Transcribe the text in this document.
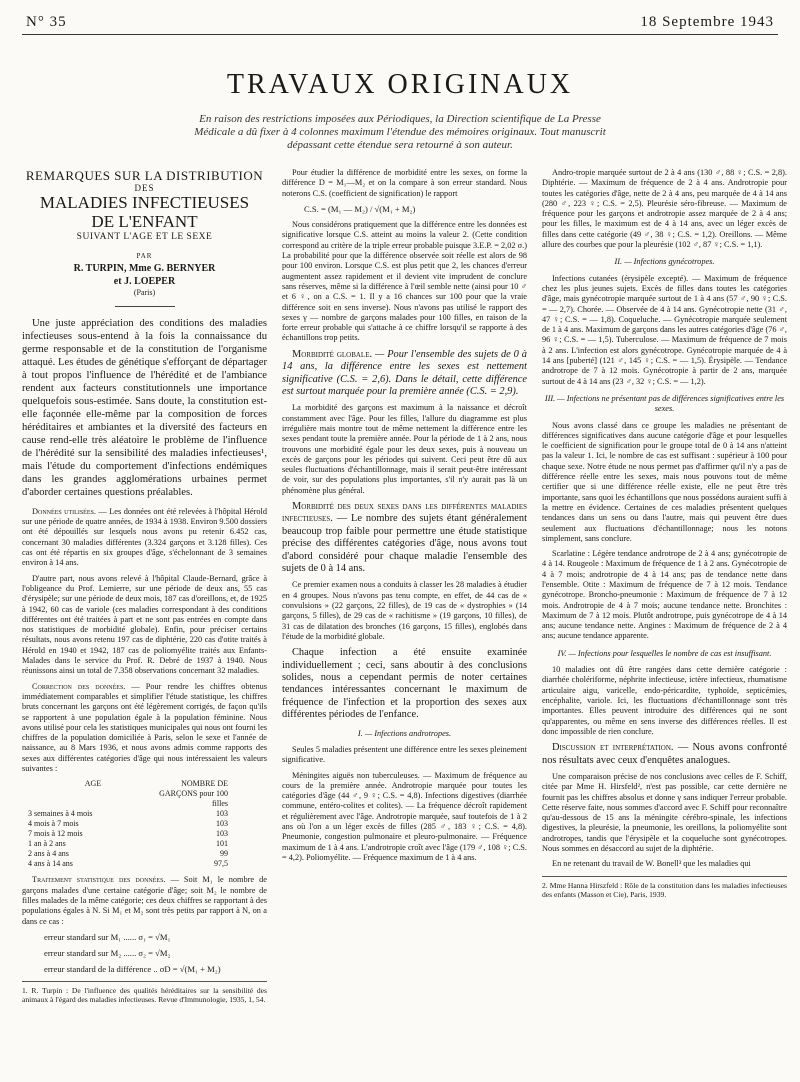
N° 35	18 Septembre 1943
TRAVAUX ORIGINAUX
En raison des restrictions imposées aux Périodiques, la Direction scientifique de La Presse Médicale a dû fixer à 4 colonnes maximum l'étendue des mémoires originaux. Tout manuscrit dépassant cette étendue sera retourné à son auteur.
REMARQUES SUR LA DISTRIBUTION
DES
MALADIES INFECTIEUSES
DE L'ENFANT
SUIVANT L'AGE ET LE SEXE
PAR
R. TURPIN, Mme G. BERNYER
et J. LOEPER
(Paris)

Une juste appréciation des conditions des maladies infectieuses sous-entend à la fois la connaissance du germe responsable et de la constitution de l'organisme attaqué. Les études de génétique s'efforçant de départager à tout propos l'influence de l'hérédité et de l'ambiance rendent aux facteurs constitutionnels une importance quelquefois sous-estimée. Sans doute, la constitution est-elle façonnée elle-même par la composition de forces héréditaires et ambiantes et la diversité des facteurs en cause rend-elle très aléatoire le problème de l'influence de l'hérédité sur la sensibilité des maladies infectieuses¹, mais l'étude du comportement d'infections endémiques dans les grandes agglomérations urbaines permet d'aborder certaines questions préalables.

Données utilisées. — Les données ont été relevées à l'hôpital Hérold sur une période de quatre années, de 1934 à 1938. Environ 9.500 dossiers ont été dépouillés sur lesquels nous avons pu retenir 6.452 cas, concernant 30 maladies différentes (3.324 garçons et 3.128 filles). Ces cas ont été répartis en six groupes d'âge, s'échelonnant de 3 semaines environ à 14 ans.

D'autre part, nous avons relevé à l'hôpital Claude-Bernard, grâce à l'obligeance du Prof. Lemierre, sur une période de deux ans, 55 cas d'érysipèle; sur une période de deux mois, 187 cas d'oreillons, et, de 1925 à 1942, 60 cas de variole (ces maladies correspondant à des conditions différentes ont été traitées à part et ne sont pas entrées en compte dans nos statistiques de morbidité globale). Enfin, pour préciser certains résultats, nous avons retenu 197 cas de diphtérie, 220 cas d'otite traités à Hérold en 1940 et 1942, 187 cas de poliomyélite traités aux Enfants-Malades dans le service du Prof. R. Debré de 1937 à 1940. Nous réunissons ainsi un total de 7.358 observations concernant 32 maladies.

Correction des données. — Pour rendre les chiffres obtenus immédiatement comparables et simplifier l'étude statistique, les chiffres bruts concernant les garçons ont été légèrement corrigés, de façon qu'ils se rapportent à une population égale à la population féminine. Nous avons utilisé pour cela les statistiques municipales qui nous ont fourni les chiffres de la population domiciliée à Paris, selon le sexe et l'année de naissance, au 8 Mars 1936, et nous avons admis comme rapports des sexes aux différentes catégories d'âge qui nous intéressaient les valeurs suivantes :

AGE	NOMBRE DE GARÇONS pour 100 filles
3 semaines à 4 mois	103
4 mois à 7 mois	103
7 mois à 12 mois	103
1 an à 2 ans	101
2 ans à 4 ans	99
4 ans à 14 ans	97,5

Traitement statistique des données. — Soit M₁ le nombre de garçons malades d'une certaine catégorie d'âge; soit M₂ le nombre de filles malades de la même catégorie; ces deux chiffres se rapportant à des populations égales à N. Si M₁ et M₂ sont très petits par rapport à N, on a dans ce cas :

erreur standard sur M₁ ...... σ₁ = √M₁
erreur standard sur M₂ ...... σ₂ = √M₂
erreur standard de la différence .. σD = √(M₁ + M₂)
1. R. Turpin : De l'influence des qualités héréditaires sur la sensibilité des animaux à l'égard des maladies infectieuses. Revue d'Immunologie, 1935, 1, 54.

Pour étudier la différence de morbidité entre les sexes, on forme la différence D = M₁—M₂ et on la compare à son erreur standard. Nous noterons C.S. (coefficient de signification) le rapport

C.S. = (M₁ — M₂) / √(M₁ + M₂)

Nous considérons pratiquement que la différence entre les données est significative lorsque C.S. atteint au moins la valeur 2. (Cette condition correspond au critère de la triple erreur probable puisque 3.E.P. = 2,02 σ.) La probabilité pour que la différence observée soit réelle est alors de 98 pour 100 environ. Lorsque C.S. est plus petit que 2, les chances d'erreur augmentent assez rapidement et il devient vite imprudent de conclure sans réserves, même si la différence à l'œil semble nette (ainsi pour 10 ♂ et 6 ♀, on a C.S. = 1. Il y a 16 chances sur 100 pour que la vraie différence soit en sens inverse). Nous n'avons pas utilisé le rapport des sexes γ — nombre de garçons malades pour 100 filles, en raison de la forte erreur probable qui s'attache à ce chiffre lorsqu'il se rapporte à des échantillons trop petits.

Morbidité globale. — Pour l'ensemble des sujets de 0 à 14 ans, la différence entre les sexes est nettement significative (C.S. = 2,6). Dans le détail, cette différence est surtout marquée pour la première année (C.S. = 2,9).

La morbidité des garçons est maximum à la naissance et décroît constamment avec l'âge. Pour les filles, l'allure du diagramme est plus irrégulière mais montre tout de même nettement la différence entre les sexes pendant toute la première année. Pour la période de 1 à 2 ans, nous trouvons une morbidité égale pour les deux sexes, puis à nouveau un excès de garçons pour les périodes qui suivent. Ceci peut être dû aux seules fluctuations d'échantillonnage, mais il serait peut-être intéressant de voir, sur des populations plus importantes, s'il n'y aurait pas là un phénomène plus général.

Morbidité des deux sexes dans les différentes maladies infectieuses. — Le nombre des sujets étant généralement beaucoup trop faible pour permettre une étude statistique précise des différentes catégories d'âge, nous avons tout d'abord considéré pour chaque maladie l'ensemble des sujets de 0 à 14 ans.

Ce premier examen nous a conduits à classer les 28 maladies à étudier en 4 groupes. Nous n'avons pas tenu compte, en effet, de 44 cas de « convulsions » (22 garçons, 22 filles), de 19 cas de « dystrophies » (14 garçons, 5 filles), de 29 cas de « rachitisme » (19 garçons, 10 filles), de 31 cas de dilatation des bronches (16 garçons, 15 filles), englobés dans l'étude de la morbidité globale.

Chaque infection a été ensuite examinée individuellement ; ceci, sans aboutir à des conclusions solides, nous a cependant permis de noter certaines tendances intéressantes concernant le maximum de fréquence de l'infection et la proportion des sexes aux différentes périodes de l'enfance.

I. — Infections androtropes.

Seules 5 maladies présentent une différence entre les sexes pleinement significative.

Méningites aiguës non tuberculeuses. — Maximum de fréquence au cours de la première année. Androtropie marquée pour toutes les catégories d'âge (44 ♂, 9 ♀; C.S. = 4,8). Infections digestives (diarrhée commune, entéro-colites et colites). — La fréquence décroît rapidement et régulièrement avec l'âge. Androtropie marquée, sauf toutefois de 1 à 2 ans où l'on a un léger excès de filles (285 ♂, 183 ♀; C.S. = 4,8). Pneumonie, congestion pulmonaire et pleuro-pulmonaire. — Fréquence maximum de 1 à 4 ans. L'androtropie croît avec l'âge (179 ♂, 108 ♀; C.S. = 4,2). Poliomyélite. — Fréquence maximum de 1 à 4 ans.

Andro-tropie marquée surtout de 2 à 4 ans (130 ♂, 88 ♀; C.S. = 2,8). Diphtérie. — Maximum de fréquence de 2 à 4 ans. Androtropie pour toutes les catégories d'âge, nette de 2 à 4 ans, peu marquée de 4 à 14 ans (280 ♂, 223 ♀; C.S. = 2,5). Pleurésie séro-fibreuse. — Maximum de fréquence pour les garçons et androtropie assez marquée de 2 à 4 ans; pour les filles, le maximum est de 4 à 14 ans, avec un léger excès de filles dans cette catégorie (49 ♂, 38 ♀; C.S. = 1,2). Oreillons. — Même allure des courbes que pour la pleurésie (102 ♂, 87 ♀; C.S. = 1,1).

II. — Infections gynécotropes.

Infections cutanées (érysipèle excepté). — Maximum de fréquence chez les plus jeunes sujets. Excès de filles dans toutes les catégories d'âge, mais gynécotropie marquée surtout de 1 à 4 ans (57 ♂, 90 ♀; C.S. = — 2,7). Chorée. — Observée de 4 à 14 ans. Gynécotropie nette (31 ♂, 47 ♀; C.S. = — 1,8). Coqueluche. — Gynécotropie marquée seulement de 1 à 4 ans. Maximum de garçons dans les autres catégories d'âge (76 ♂, 96 ♀; C.S. = — 1,5). Tuberculose. — Maximum de fréquence de 7 mois à 2 ans. L'infection est alors gynécotrope. Gynécotropie marquée de 4 à 14 ans [puberté] (121 ♂, 145 ♀; C.S. = — 1,5). Érysipèle. — Tendance androtrope de 7 à 12 mois. Gynécotropie à partir de 2 ans, marquée surtout de 4 à 14 ans (23 ♂, 32 ♀; C.S. = — 1,2).

III. — Infections ne présentant pas de différences significatives entre les sexes.

Nous avons classé dans ce groupe les maladies ne présentant de différences significatives dans aucune catégorie d'âge et pour lesquelles le coefficient de signification pour le groupe total de 0 à 14 ans n'atteint pas la valeur 1. Ici, le nombre de cas est suffisant : supérieur à 100 pour chaque sexe. Notre étude ne nous permet pas d'affirmer qu'il n'y a pas de différence réelle entre les sexes, mais nous pouvons tout de même certifier que si une différence réelle existe, elle ne peut être très importante, sans quoi les échantillons que nous possédons auraient suffi à la mettre en évidence. Certaines de ces maladies présentent quelques tendances dans un sens ou dans l'autre, mais qui peuvent être dues seulement aux fluctuations d'échantillonnage; nous les notons simplement, sans conclure.

Scarlatine : Légère tendance androtrope de 2 à 4 ans; gynécotropie de 4 à 14. Rougeole : Maximum de fréquence de 1 à 2 ans. Gynécotropie de 4 à 7 mois; androtropie de 4 à 14 ans; pas de tendance nette dans l'ensemble. Otite : Maximum de fréquence de 7 à 12 mois. Tendance gynécotrope. Broncho-pneumonie : Maximum de fréquence de 7 à 12 mois. Androtropie de 4 à 7 mois; aucune tendance nette. Bronchites : Maximum de 7 à 12 mois. Plutôt androtrope, puis gynécotrope de 4 à 14 ans; aucune tendance nette. Angines : Maximum de fréquence de 2 à 4 ans; aucune tendance apparente.

IV. — Infections pour lesquelles le nombre de cas est insuffisant.

10 maladies ont dû être rangées dans cette dernière catégorie : diarrhée cholériforme, néphrite infectieuse, ictère infectieux, rhumatisme articulaire aigu, varicelle, endo-péricardite, typhoïde, septicémies, encéphalite, variole. Ici, les fluctuations d'échantillonnage sont très importantes. Elles peuvent introduire des différences qui ne sont qu'apparentes, ou même en sens inverse des différences réelles. Il est donc impossible de rien conclure.

Discussion et interprétation. — Nous avons confronté nos résultats avec ceux d'enquêtes analogues.

Une comparaison précise de nos conclusions avec celles de F. Schiff, citée par Mme H. Hirsfeld², n'est pas possible, car cette dernière ne fournit pas les chiffres absolus et donne γ sans indiquer l'erreur probable. Cette réserve faite, nous sommes d'accord avec F. Schiff pour reconnaître qu'au-dessous de 15 ans la méningite cérébro-spinale, les infections digestives, la pleurésie, la pneumonie, les oreillons, la poliomyélite sont androtropes, tandis que l'érysipèle et la coqueluche sont gynécotropes. Nous sommes en désaccord au sujet de la diphtérie.

En ne retenant du travail de W. Bonell³ que les maladies qui

2. Mme Hanna Hirszfeld : Rôle de la constitution dans les maladies infectieuses des enfants (Masson et Cie), Paris, 1939.
